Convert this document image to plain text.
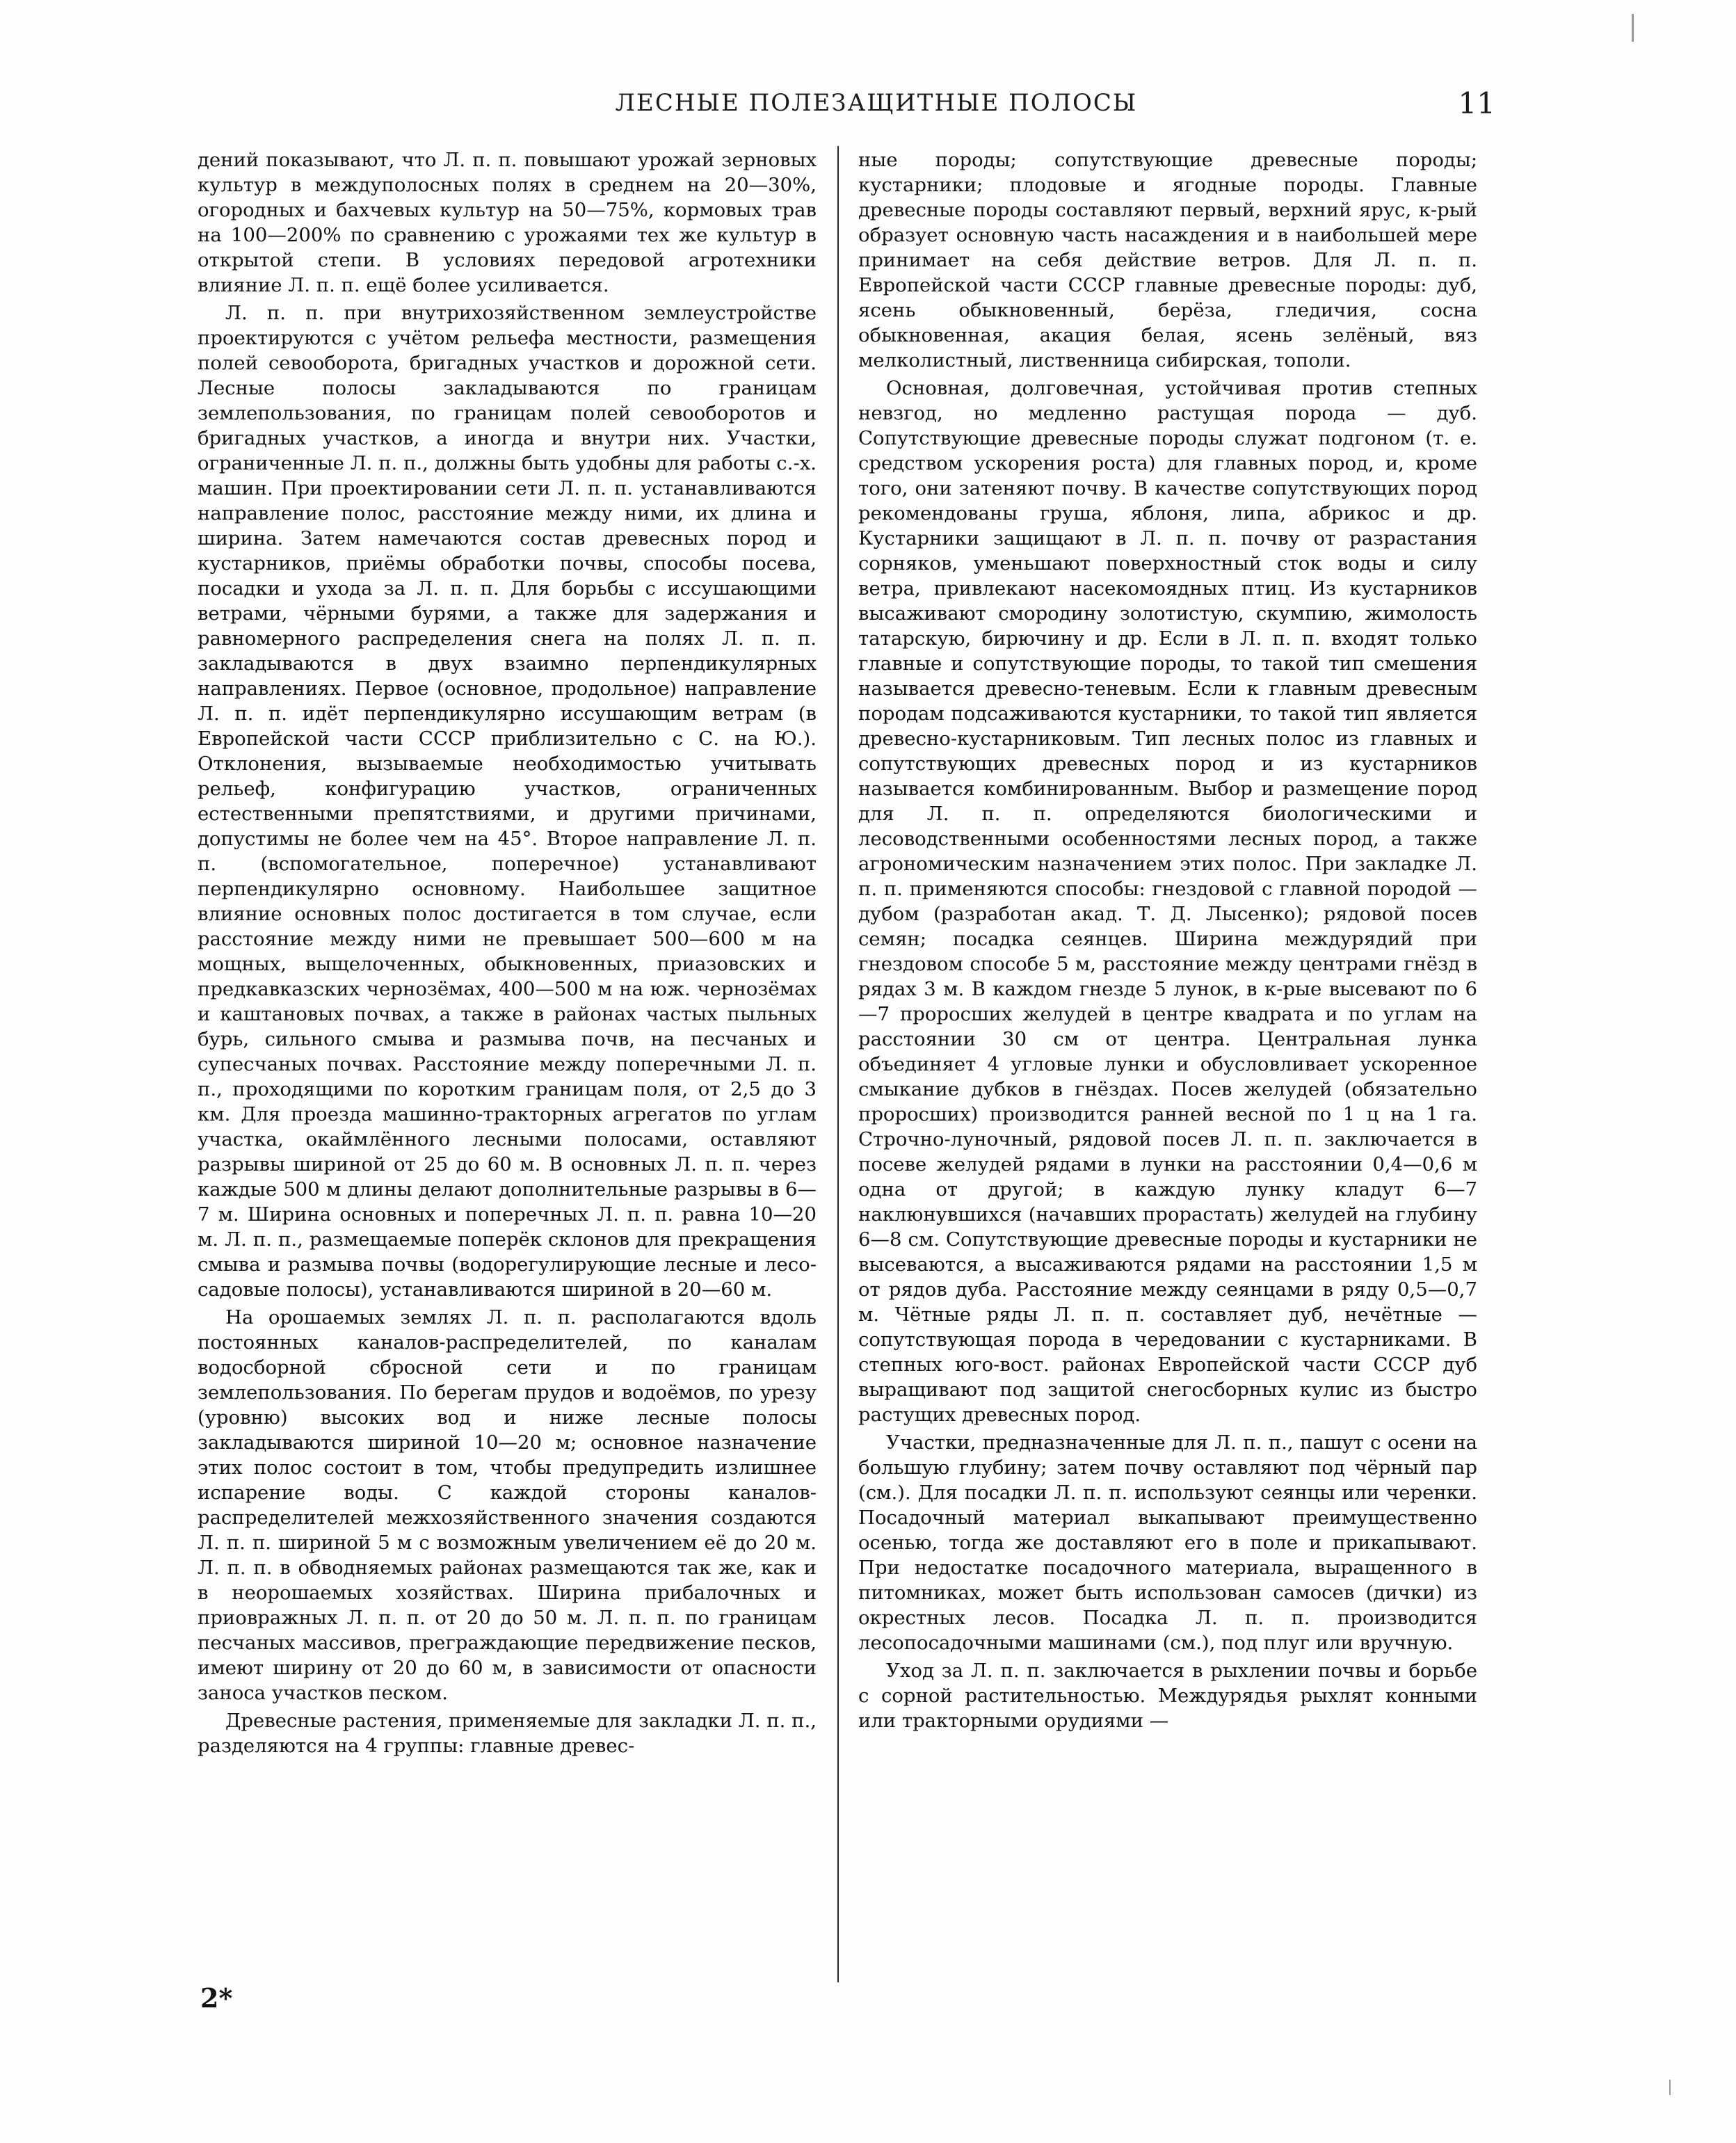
ЛЕСНЫЕ ПОЛЕЗАЩИТНЫЕ ПОЛОСЫ	11

дений показывают, что Л. п. п. повышают урожай зерновых культур в междуполосных полях в среднем на 20—30%, огородных и бахчевых культур на 50—75%, кормовых трав на 100—200% по сравнению с урожаями тех же культур в открытой степи. В условиях передовой агротехники влияние Л. п. п. ещё более усиливается.

Л. п. п. при внутрихозяйственном землеустройстве проектируются с учётом рельефа местности, размещения полей севооборота, бригадных участков и дорожной сети. Лесные полосы закладываются по границам землепользования, по границам полей севооборотов и бригадных участков, а иногда и внутри них. Участки, ограниченные Л. п. п., должны быть удобны для работы с.-х. машин. При проектировании сети Л. п. п. устанавливаются направление полос, расстояние между ними, их длина и ширина. Затем намечаются состав древесных пород и кустарников, приёмы обработки почвы, способы посева, посадки и ухода за Л. п. п. Для борьбы с иссушающими ветрами, чёрными бурями, а также для задержания и равномерного распределения снега на полях Л. п. п. закладываются в двух взаимно перпендикулярных направлениях. Первое (основное, продольное) направление Л. п. п. идёт перпендикулярно иссушающим ветрам (в Европейской части СССР приблизительно с С. на Ю.). Отклонения, вызываемые необходимостью учитывать рельеф, конфигурацию участков, ограниченных естественными препятствиями, и другими причинами, допустимы не более чем на 45°. Второе направление Л. п. п. (вспомогательное, поперечное) устанавливают перпендикулярно основному. Наибольшее защитное влияние основных полос достигается в том случае, если расстояние между ними не превышает 500—600 м на мощных, выщелоченных, обыкновенных, приазовских и предкавказских чернозёмах, 400—500 м на юж. чернозёмах и каштановых почвах, а также в районах частых пыльных бурь, сильного смыва и размыва почв, на песчаных и супесчаных почвах. Расстояние между поперечными Л. п. п., проходящими по коротким границам поля, от 2,5 до 3 км. Для проезда машинно-тракторных агрегатов по углам участка, окаймлённого лесными полосами, оставляют разрывы шириной от 25 до 60 м. В основных Л. п. п. через каждые 500 м длины делают дополнительные разрывы в 6—7 м. Ширина основных и поперечных Л. п. п. равна 10—20 м. Л. п. п., размещаемые поперёк склонов для прекращения смыва и размыва почвы (водорегулирующие лесные и лесо-садовые полосы), устанавливаются шириной в 20—60 м.

На орошаемых землях Л. п. п. располагаются вдоль постоянных каналов-распределителей, по каналам водосборной сбросной сети и по границам землепользования. По берегам прудов и водоёмов, по урезу (уровню) высоких вод и ниже лесные полосы закладываются шириной 10—20 м; основное назначение этих полос состоит в том, чтобы предупредить излишнее испарение воды. С каждой стороны каналов-распределителей межхозяйственного значения создаются Л. п. п. шириной 5 м с возможным увеличением её до 20 м. Л. п. п. в обводняемых районах размещаются так же, как и в неорошаемых хозяйствах. Ширина прибалочных и приовражных Л. п. п. от 20 до 50 м. Л. п. п. по границам песчаных массивов, преграждающие передвижение песков, имеют ширину от 20 до 60 м, в зависимости от опасности заноса участков песком.

Древесные растения, применяемые для закладки Л. п. п., разделяются на 4 группы: главные древес-

ные породы; сопутствующие древесные породы; кустарники; плодовые и ягодные породы. Главные древесные породы составляют первый, верхний ярус, к-рый образует основную часть насаждения и в наибольшей мере принимает на себя действие ветров. Для Л. п. п. Европейской части СССР главные древесные породы: дуб, ясень обыкновенный, берёза, гледичия, сосна обыкновенная, акация белая, ясень зелёный, вяз мелколистный, лиственница сибирская, тополи.

Основная, долговечная, устойчивая против степных невзгод, но медленно растущая порода — дуб. Сопутствующие древесные породы служат подгоном (т. е. средством ускорения роста) для главных пород, и, кроме того, они затеняют почву. В качестве сопутствующих пород рекомендованы груша, яблоня, липа, абрикос и др. Кустарники защищают в Л. п. п. почву от разрастания сорняков, уменьшают поверхностный сток воды и силу ветра, привлекают насекомоядных птиц. Из кустарников высаживают смородину золотистую, скумпию, жимолость татарскую, бирючину и др. Если в Л. п. п. входят только главные и сопутствующие породы, то такой тип смешения называется древесно-теневым. Если к главным древесным породам подсаживаются кустарники, то такой тип является древесно-кустарниковым. Тип лесных полос из главных и сопутствующих древесных пород и из кустарников называется комбинированным. Выбор и размещение пород для Л. п. п. определяются биологическими и лесоводственными особенностями лесных пород, а также агрономическим назначением этих полос. При закладке Л. п. п. применяются способы: гнездовой с главной породой — дубом (разработан акад. Т. Д. Лысенко); рядовой посев семян; посадка сеянцев. Ширина междурядий при гнездовом способе 5 м, расстояние между центрами гнёзд в рядах 3 м. В каждом гнезде 5 лунок, в к-рые высевают по 6—7 проросших желудей в центре квадрата и по углам на расстоянии 30 см от центра. Центральная лунка объединяет 4 угловые лунки и обусловливает ускоренное смыкание дубков в гнёздах. Посев желудей (обязательно проросших) производится ранней весной по 1 ц на 1 га. Строчно-луночный, рядовой посев Л. п. п. заключается в посеве желудей рядами в лунки на расстоянии 0,4—0,6 м одна от другой; в каждую лунку кладут 6—7 наклюнувшихся (начавших прорастать) желудей на глубину 6—8 см. Сопутствующие древесные породы и кустарники не высеваются, а высаживаются рядами на расстоянии 1,5 м от рядов дуба. Расстояние между сеянцами в ряду 0,5—0,7 м. Чётные ряды Л. п. п. составляет дуб, нечётные — сопутствующая порода в чередовании с кустарниками. В степных юго-вост. районах Европейской части СССР дуб выращивают под защитой снегосборных кулис из быстро растущих древесных пород.

Участки, предназначенные для Л. п. п., пашут с осени на большую глубину; затем почву оставляют под чёрный пар (см.). Для посадки Л. п. п. используют сеянцы или черенки. Посадочный материал выкапывают преимущественно осенью, тогда же доставляют его в поле и прикапывают. При недостатке посадочного материала, выращенного в питомниках, может быть использован самосев (дички) из окрестных лесов. Посадка Л. п. п. производится лесопосадочными машинами (см.), под плуг или вручную.

Уход за Л. п. п. заключается в рыхлении почвы и борьбе с сорной растительностью. Междурядья рыхлят конными или тракторными орудиями —

2*
